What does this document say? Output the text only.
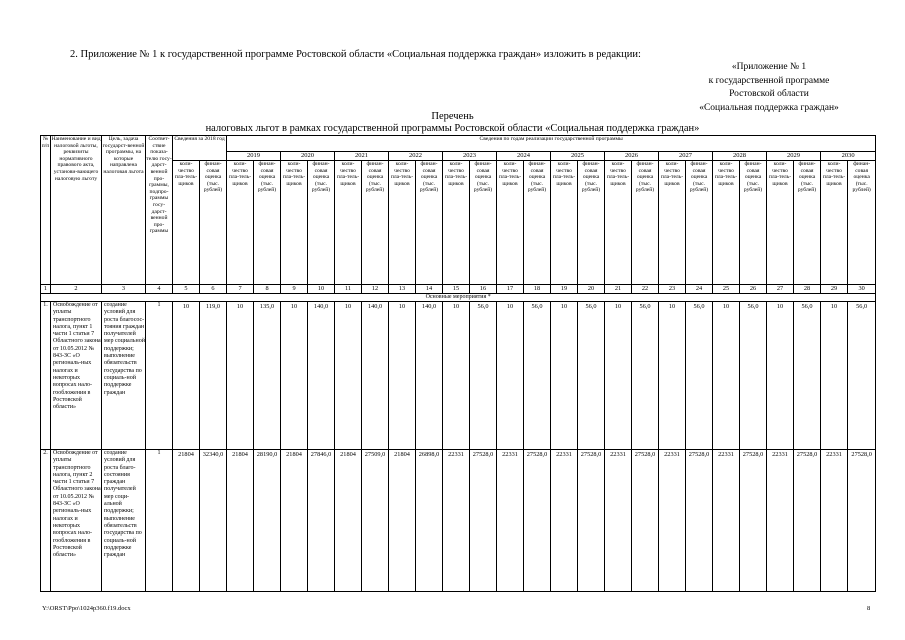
2. Приложение № 1 к государственной программе Ростовской области «Социальная поддержка граждан» изложить в редакции:
«Приложение № 1
к государственной программе
Ростовской области
«Социальная поддержка граждан»
Перечень
налоговых льгот в рамках государственной программы Ростовской области «Социальная поддержка граждан»
№ п/п	Наименование и вид налоговой льготы, реквизиты нормативного правового акта, установи-вающего налоговую льготу	Цель, задача государст-венной программы, на которые направлена налоговая льгота	Соответ-ствие показа-телю госу-дарст-венной про-граммы, подпро-граммы госу-дарст-венной про-граммы	Сведения за 2018 год		Сведения по годам реализации государственной программы																							
						2019		2020		2021		2022		2023		2024		2025		2026		2027		2028		2029		2030	
				коли-чество пла-тель-щиков	финан-совая оценка (тыс. рублей)	коли-чество пла-тель-щиков	финан-совая оценка (тыс. рублей)	коли-чество пла-тель-щиков	финан-совая оценка (тыс. рублей)	коли-чество пла-тель-щиков	финан-совая оценка (тыс. рублей)	коли-чество пла-тель-щиков	финан-совая оценка (тыс. рублей)	коли-чество пла-тель-щиков	финан-совая оценка (тыс. рублей)	коли-чество пла-тель-щиков	финан-совая оценка (тыс. рублей)	коли-чество пла-тель-щиков	финан-совая оценка (тыс. рублей)	коли-чество пла-тель-щиков	финан-совая оценка (тыс. рублей)	коли-чество пла-тель-щиков	финан-совая оценка (тыс. рублей)	коли-чество пла-тель-щиков	финан-совая оценка (тыс. рублей)	коли-чество пла-тель-щиков	финан-совая оценка (тыс. рублей)	коли-чество пла-тель-щиков	финан-совая оценка (тыс. рублей)
1	2	3	4	5	6	7	8	9	10	11	12	13	14	15	16	17	18	19	20	21	22	23	24	25	26	27	28	29	30
Основные мероприятия *																													
1.	Освобождение от уплаты транспортного налога, пункт 1 части 1 статьи 7 Областного закона от 10.05.2012 № 843-ЗС «О региональ-ных налогах и некоторых вопросах нало-гообложения в Ростовской области»	создание условий для роста благосос-тояния граждан получателей мер социальной поддержки; выполнение обязательств государства по социаль-ной поддержке граждан	1	10	119,0	10	135,0	10	140,0	10	140,0	10	140,0	10	56,0	10	56,0	10	56,0	10	56,0	10	56,0	10	56,0	10	56,0	10	56,0
2.	Освобождение от уплаты транспортного налога, пункт 2 части 1 статьи 7 Областного закона от 10.05.2012 № 843-ЗС «О региональ-ных налогах и некоторых вопросах нало-гообложения в Ростовской области»	создание условий для роста благо-состояния граждан получателей мер соци-альной поддержки; выполнение обязательств государства по социаль-ной поддержке граждан	1	21804	32340,0	21804	28190,0	21804	27846,0	21804	27509,0	21804	26898,0	22331	27528,0	22331	27528,0	22331	27528,0	22331	27528,0	22331	27528,0	22331	27528,0	22331	27528,0	22331	27528,0
Y:\ORST\Ppo\1024p360.f19.docx	8
